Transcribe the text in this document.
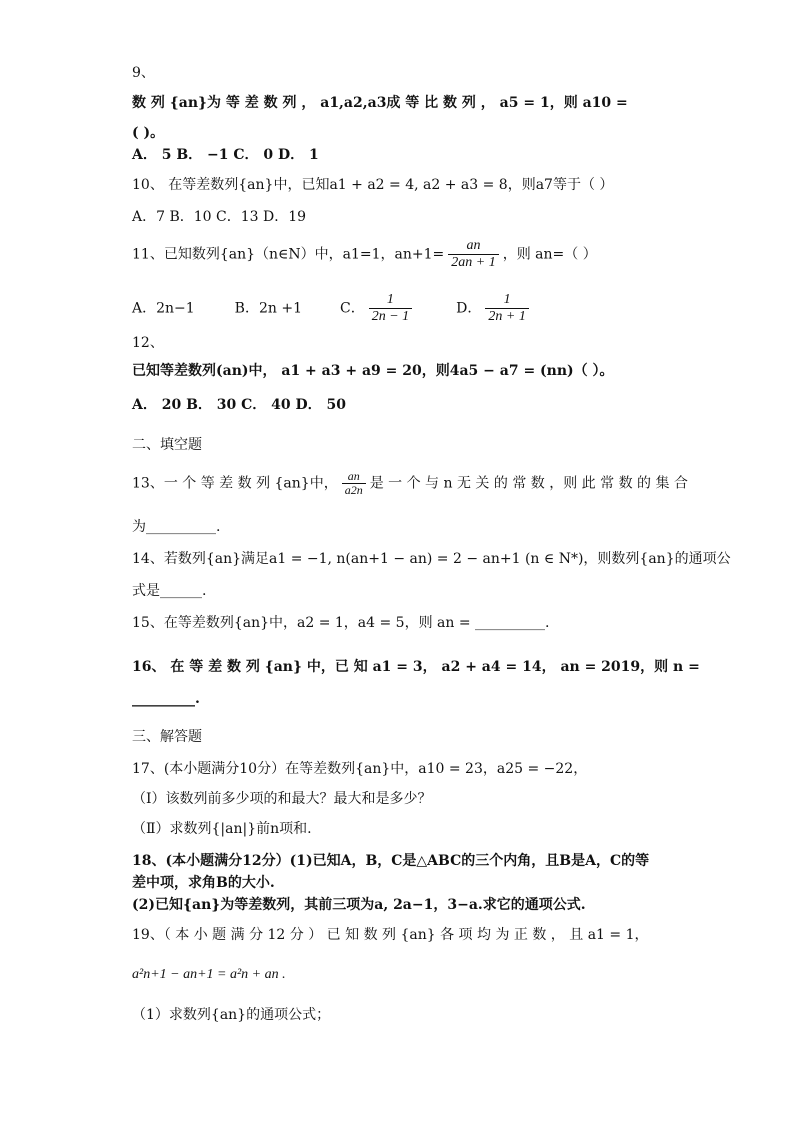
9、
数 列 {an}为 等 差 数 列 ， a1,a2,a3成 等 比 数 列 ， a5 = 1，则 a10 =
( )。
A． 5 B． −1 C． 0 D． 1
10、 在等差数列{an}中，已知a1 + a2 = 4, a2 + a3 = 8，则a7等于（ ）
A．7 B．10 C．13 D．19
11、已知数列{an}（n∈N）中，a1=1，$an+1= \frac{an}{2an + 1}$ ，则 an=（ ）
A．2n−1	B．2n +1	C． $\frac{1}{2n - 1}$	D． $\frac{1}{2n + 1}$
12、
已知等差数列(an)中， a1 + a3 + a9 = 20，则4a5 − a7 = (nn)（ ）。
A． 20 B． 30 C． 40 D． 50
二、填空题
13、一 个 等 差 数 列 {an}中， $\frac{an}{a2n}$ 是 一 个 与 n 无 关 的 常 数 ，则 此 常 数 的 集 合
为__________.
14、若数列{an}满足a1 = −1, n(an+1 − an) = 2 − an+1 (n ∈ N*)，则数列{an}的通项公
式是______.
15、在等差数列{an}中，a2 = 1，a4 = 5，则 an = __________.
16、 在 等 差 数 列 {an} 中，已 知 a1 = 3， a2 + a4 = 14， an = 2019，则 n =
_________.
三、解答题
17、(本小题满分10分）在等差数列{an}中，a10 = 23，a25 = −22，
（Ⅰ）该数列前多少项的和最大？最大和是多少？
（Ⅱ）求数列{|an|}前n项和.
18、(本小题满分12分）(1)已知A，B，C是△ABC的三个内角，且B是A，C的等
差中项，求角B的大小.
(2)已知{an}为等差数列，其前三项为a, 2a−1，3−a.求它的通项公式.
19、（ 本 小 题 满 分 12 分 ） 已 知 数 列 {an} 各 项 均 为 正 数 ， 且 a1 = 1，
a²n+1 − an+1 = a²n + an .
（1）求数列{an}的通项公式；
